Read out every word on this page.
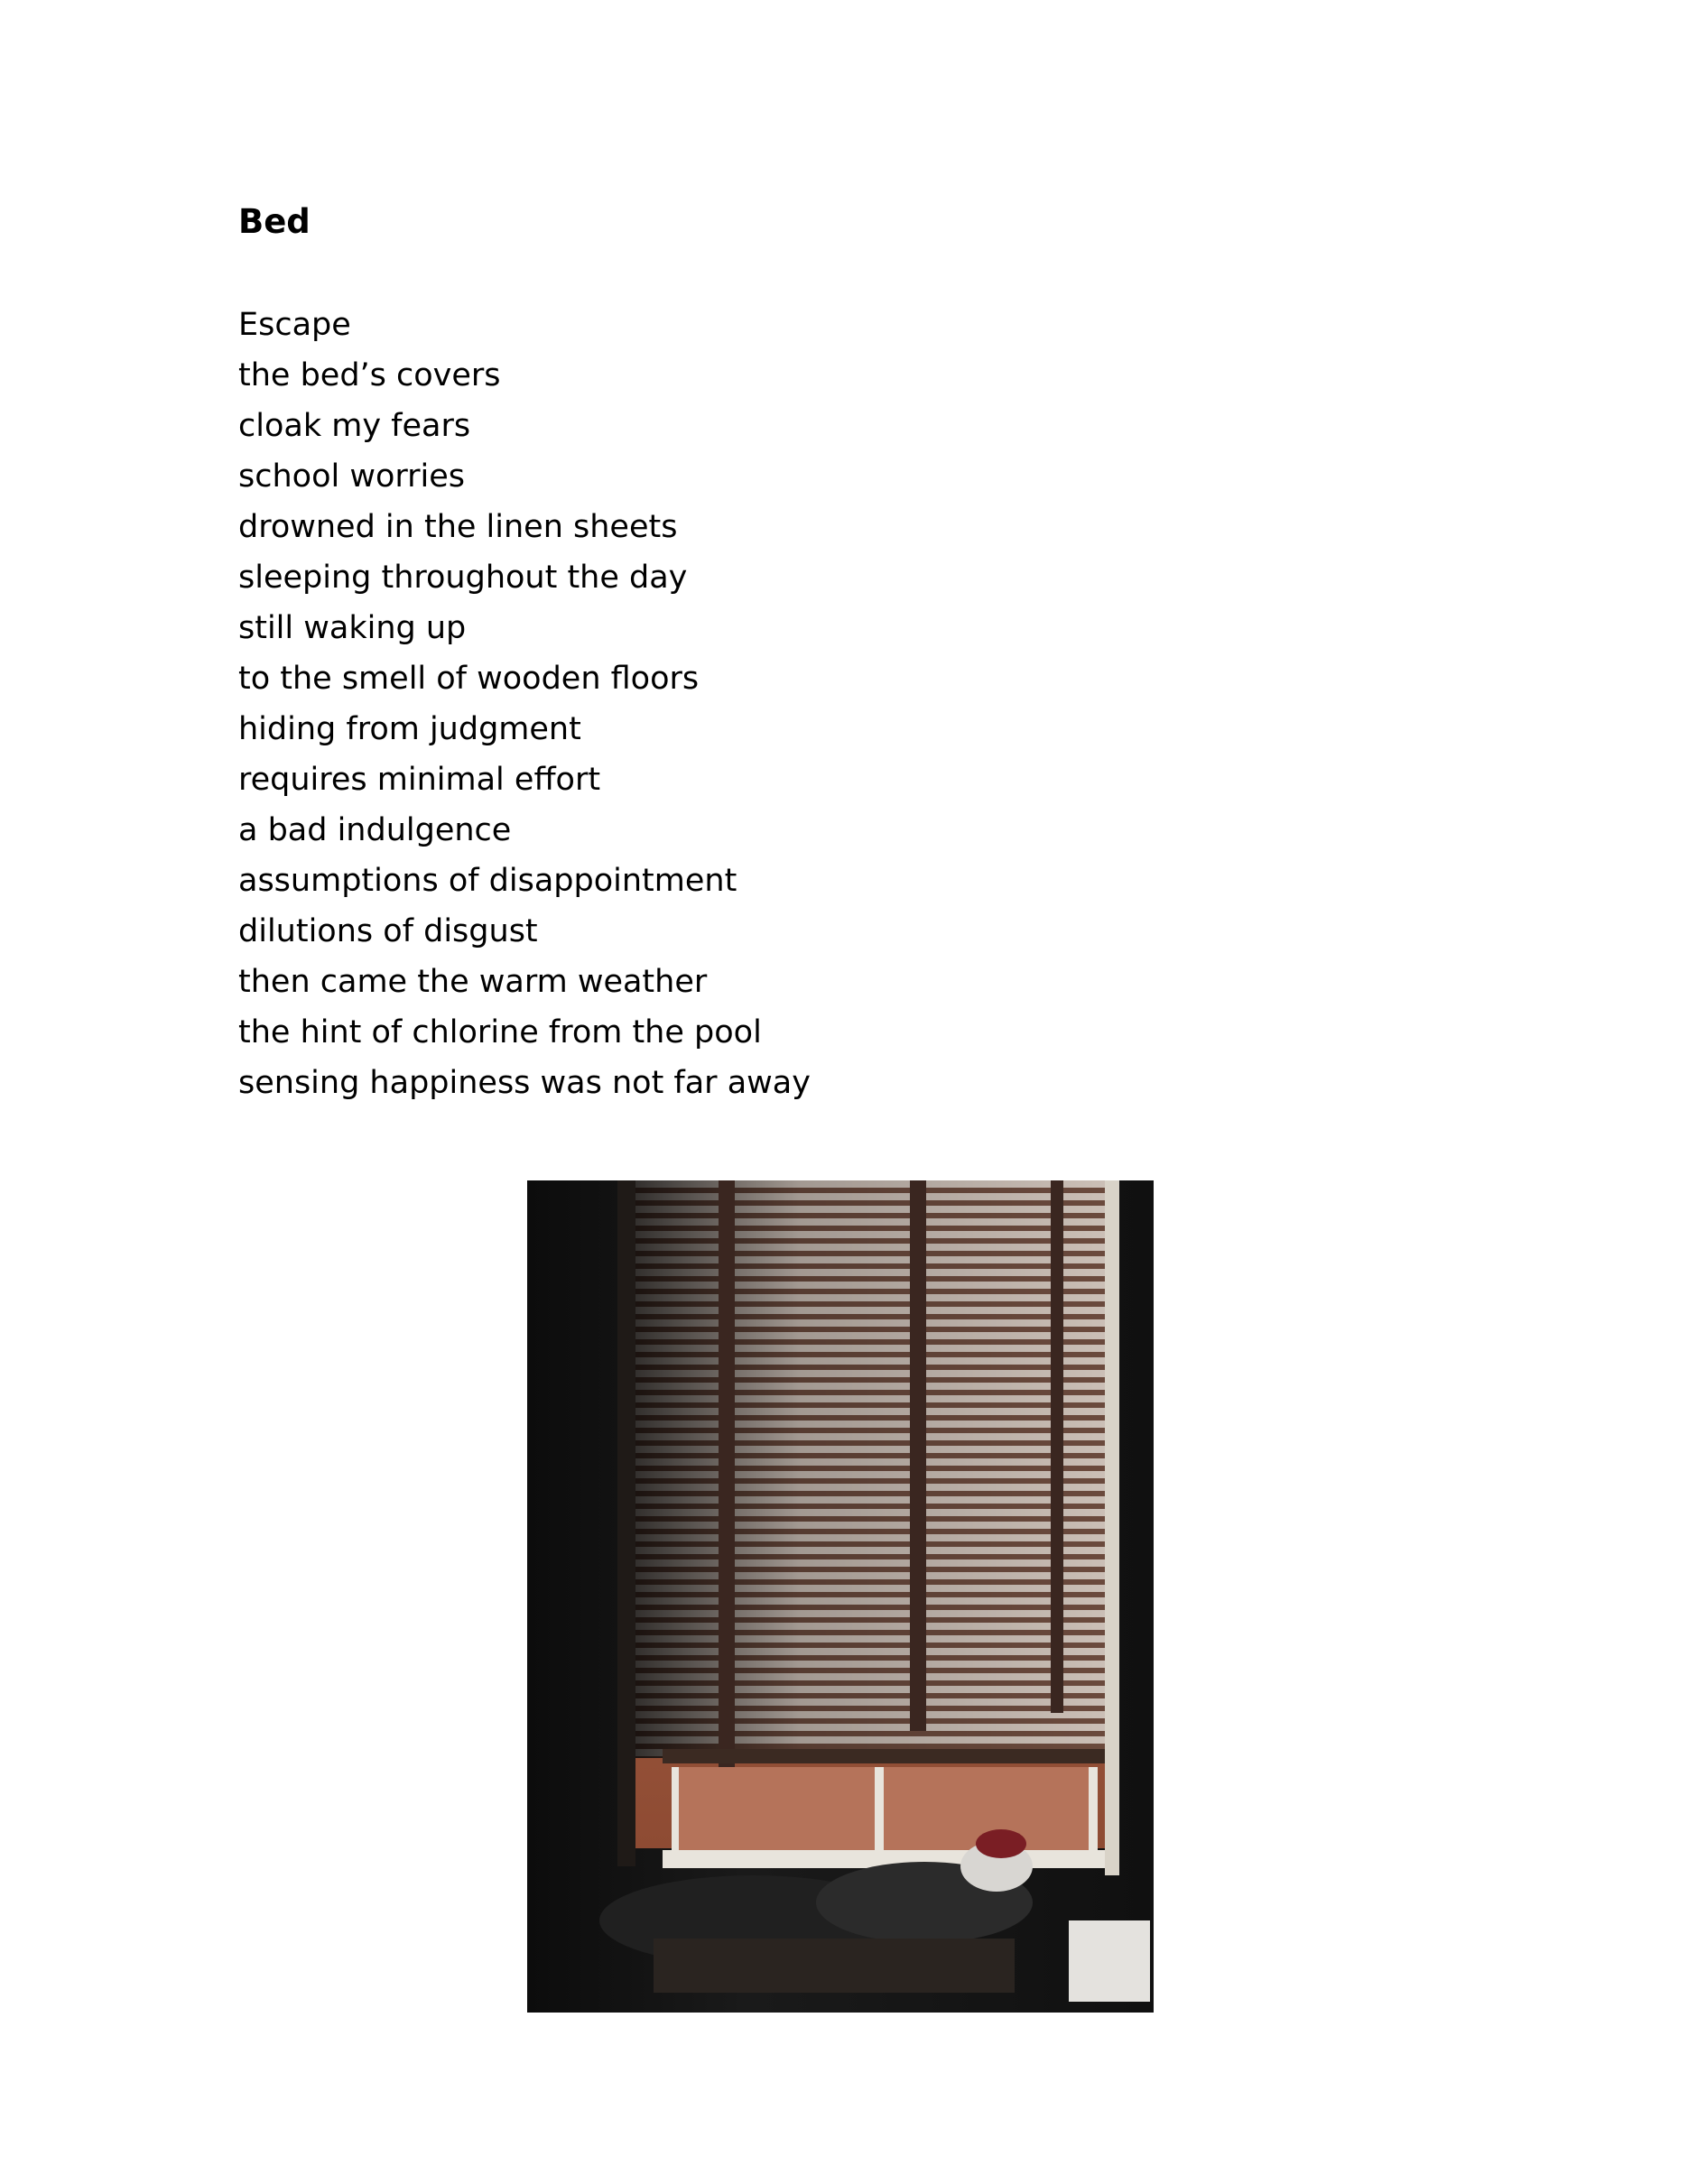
Bed
Escape
the bed’s covers
cloak my fears
school worries
drowned in the linen sheets
sleeping throughout the day
still waking up
to the smell of wooden floors
hiding from judgment
requires minimal effort
a bad indulgence
assumptions of disappointment
dilutions of disgust
then came the warm weather
the hint of chlorine from the pool
sensing happiness was not far away
